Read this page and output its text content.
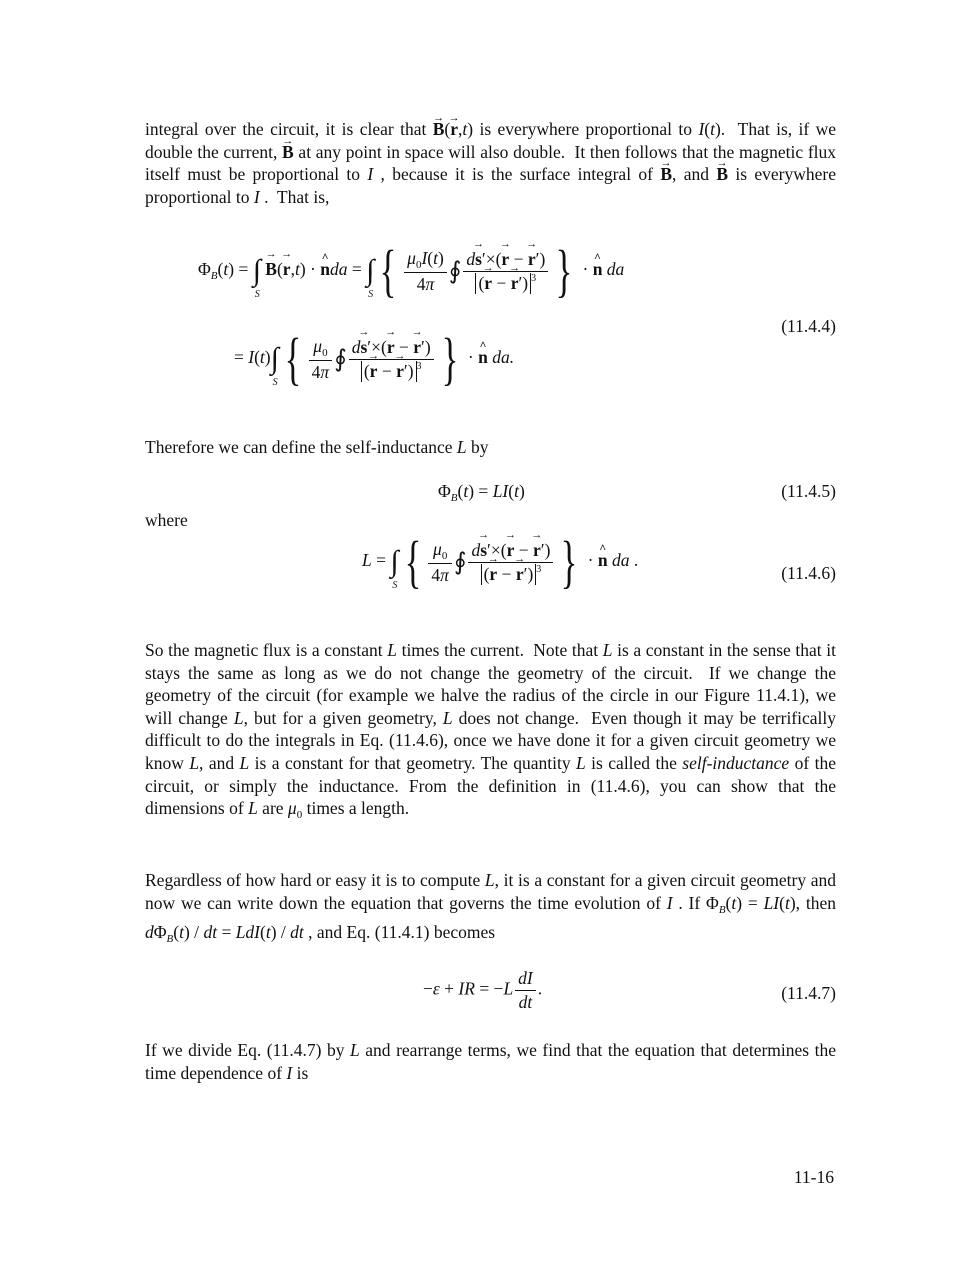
integral over the circuit, it is clear that → B(→ r,t) is everywhere proportional to I(t).  That is, if we double the current, → B at any point in space will also double.  It then follows that the magnetic flux itself must be proportional to I , because it is the surface integral of → B, and → B is everywhere proportional to I .  That is,
$\Phi_B(t)$ = ∫
S
→ B(→ r,t) · ^ nda = ∫
S { $\frac{\mu_0I(t)}{4\pi}$ ∮ $\frac{d\to s'\times(\to r - \to r')}{(\to r - \to r') ^3}$ } · ^ n da
= I(t)∫
S { $\frac{\mu_0}{4\pi}$ ∮ $\frac{d\to s'\times(\to r - \to r')}{(\to r - \to r') ^3}$ } · ^ n da.
(11.4.4)
Therefore we can define the self-inductance L by
$\Phi_B(t) = LI(t)$	(11.4.5)
where
L = ∫
S { $\frac{\mu_0}{4\pi}$ ∮ $\frac{d\to s'\times(\to r - \to r')}{(\to r - \to r') ^3}$ } · ^ n da .
(11.4.6)
So the magnetic flux is a constant L times the current.  Note that L is a constant in the sense that it stays the same as long as we do not change the geometry of the circuit.  If we change the geometry of the circuit (for example we halve the radius of the circle in our Figure 11.4.1), we will change L, but for a given geometry, L does not change.  Even though it may be terrifically difficult to do the integrals in Eq. (11.4.6), once we have done it for a given circuit geometry we know L, and L is a constant for that geometry. The quantity L is called the self-inductance of the circuit, or simply the inductance. From the definition in (11.4.6), you can show that the dimensions of L are $\mu_0$ times a length.
Regardless of how hard or easy it is to compute L, it is a constant for a given circuit geometry and now we can write down the equation that governs the time evolution of I . If $\Phi_B(t) = LI(t)$, then $d\Phi_B(t)$ / dt = LdI(t) / dt , and Eq. (11.4.1) becomes
−ε + IR = $-L \frac{dI}{dt}$ .	(11.4.7)
If we divide Eq. (11.4.7) by L and rearrange terms, we find that the equation that determines the time dependence of I is
11-16
